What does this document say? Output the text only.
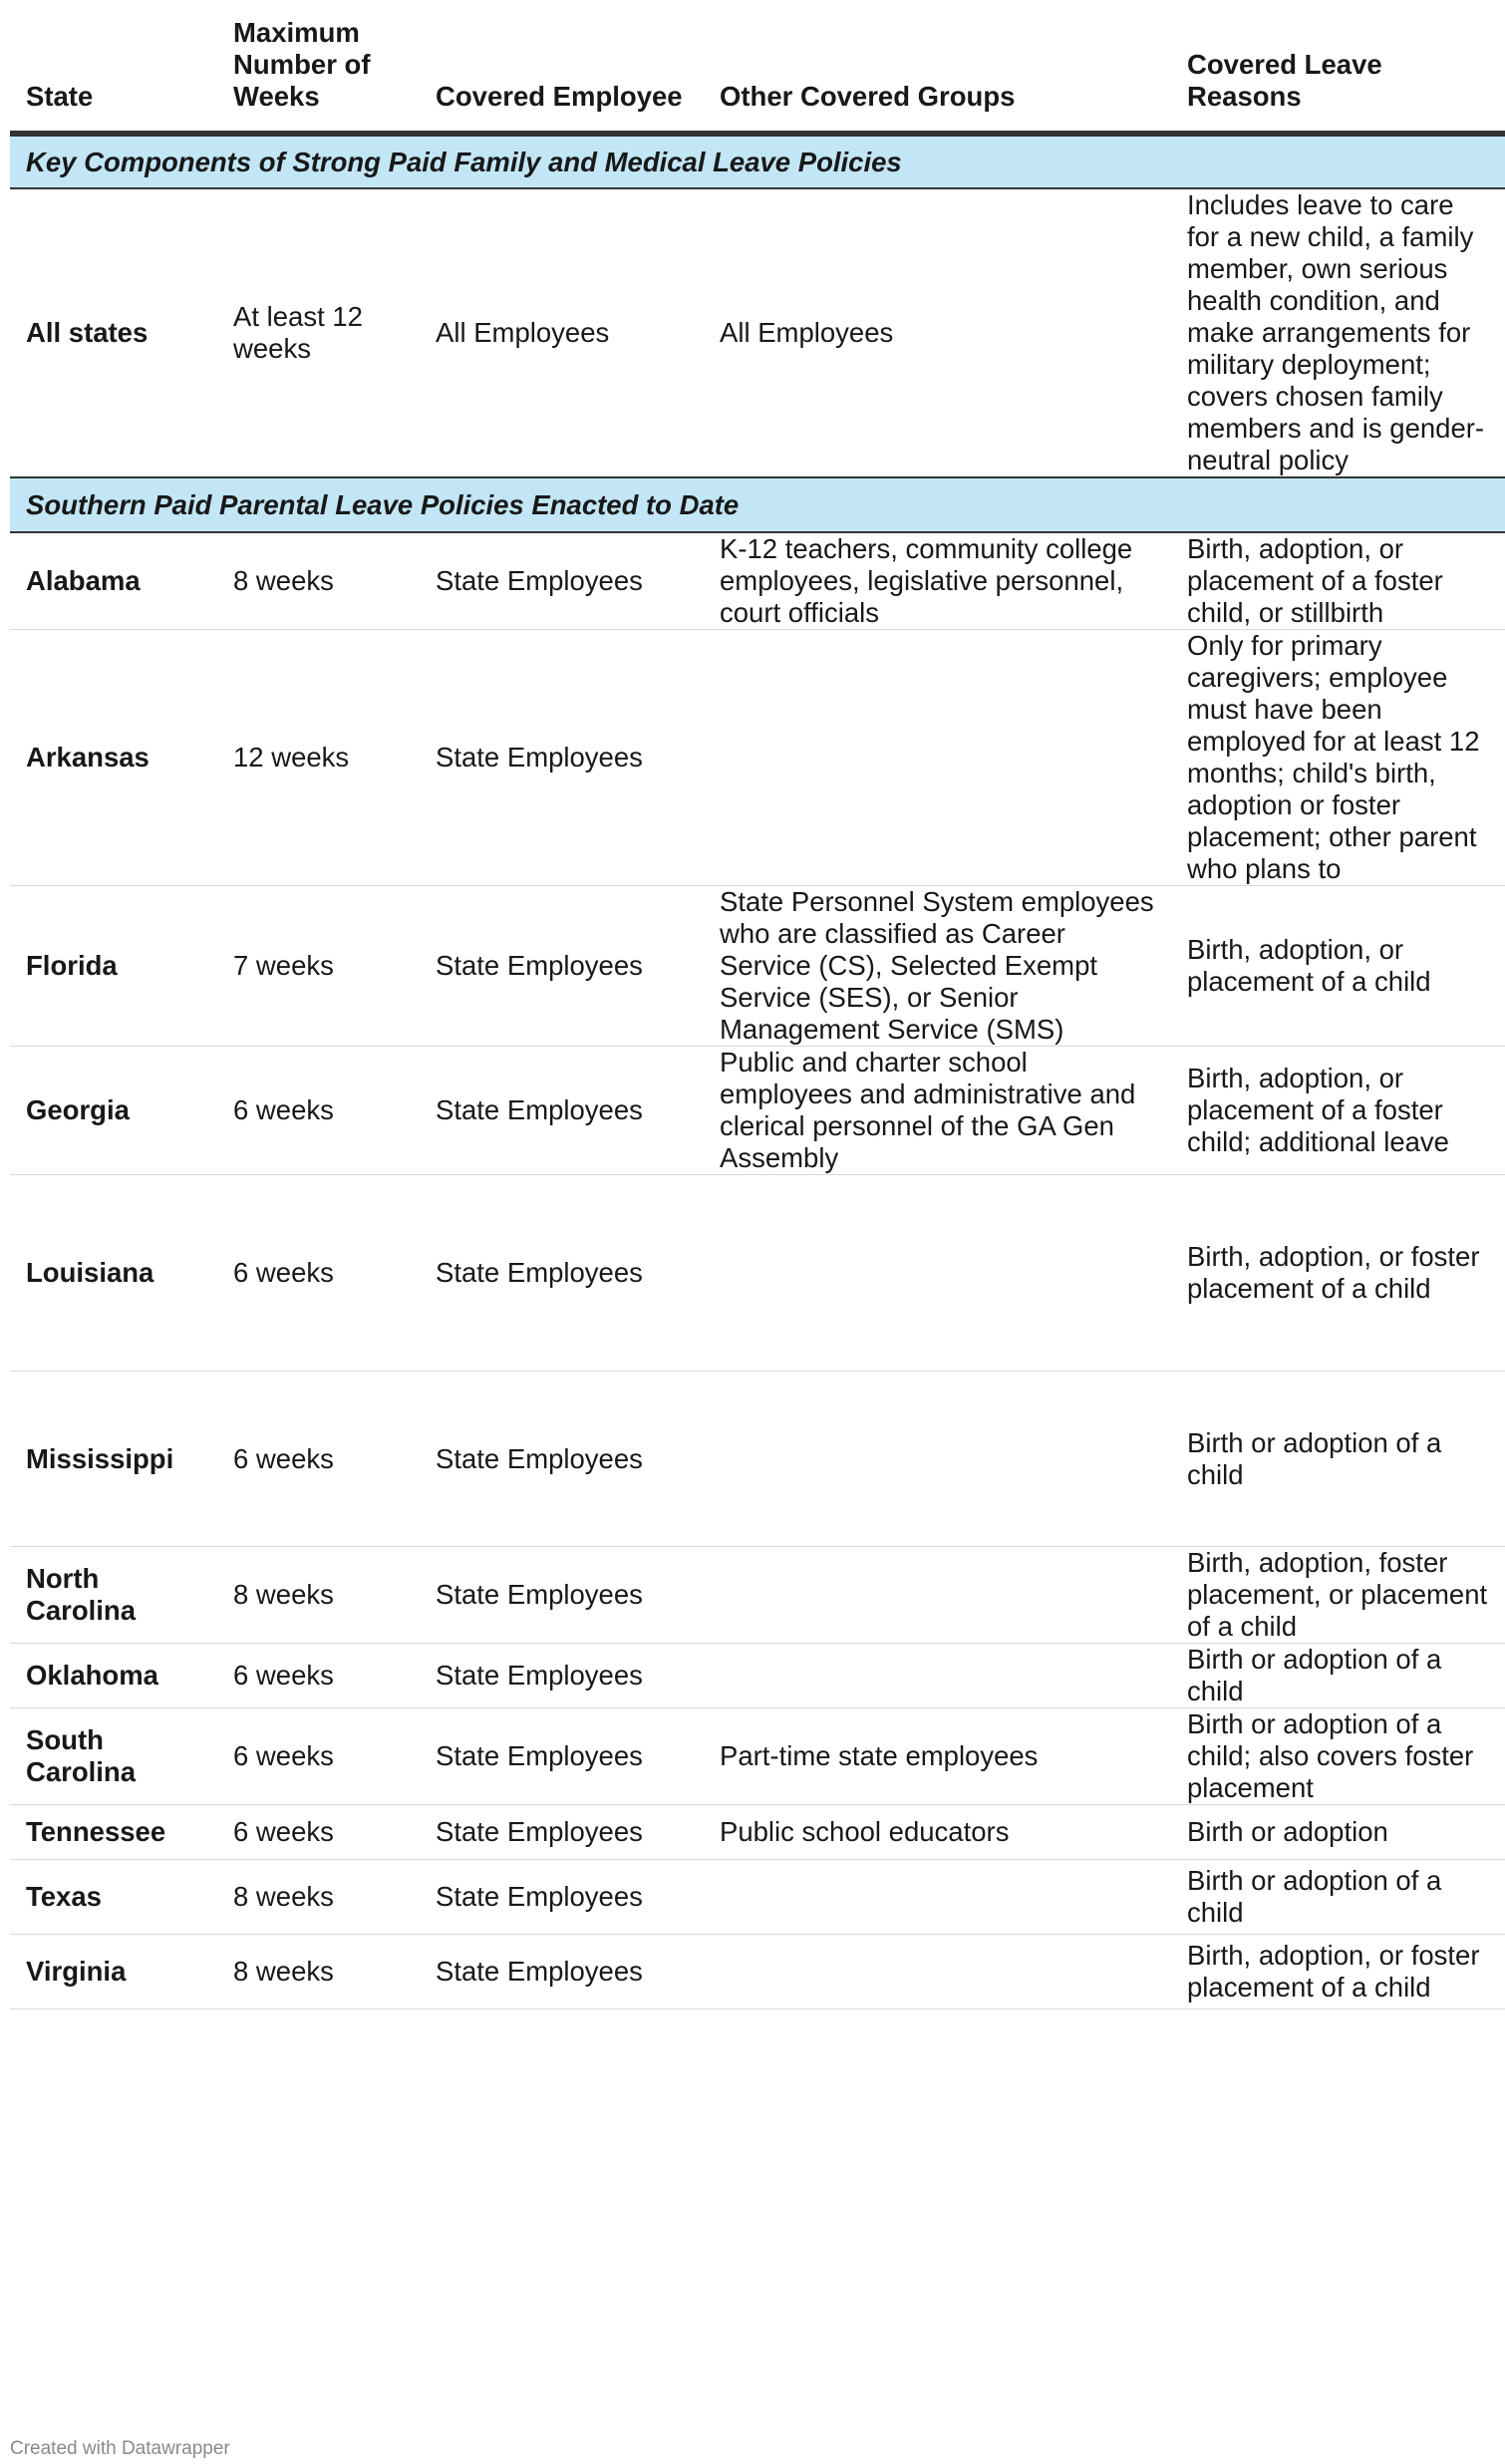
State	Maximum Number of Weeks	Covered Employee	Other Covered Groups	Covered Leave Reasons
Key Components of Strong Paid Family and Medical Leave Policies				
All states	At least 12 weeks	All Employees	All Employees	Includes leave to care for a new child, a family member, own serious health condition, and make arrangements for military deployment; covers chosen family members and is gender-neutral policy
Southern Paid Parental Leave Policies Enacted to Date				
Alabama	8 weeks	State Employees	K-12 teachers, community college employees, legislative personnel, court officials	Birth, adoption, or placement of a foster child, or stillbirth
Arkansas	12 weeks	State Employees		Only for primary caregivers; employee must have been employed for at least 12 months; child's birth, adoption or foster placement; other parent who plans to
Florida	7 weeks	State Employees	State Personnel System employees who are classified as Career Service (CS), Selected Exempt Service (SES), or Senior Management Service (SMS)	Birth, adoption, or placement of a child
Georgia	6 weeks	State Employees	Public and charter school employees and administrative and clerical personnel of the GA Gen Assembly	Birth, adoption, or placement of a foster child; additional leave
Louisiana	6 weeks	State Employees		Birth, adoption, or foster placement of a child
Mississippi	6 weeks	State Employees		Birth or adoption of a child
North Carolina	8 weeks	State Employees		Birth, adoption, foster placement, or placement of a child
Oklahoma	6 weeks	State Employees		Birth or adoption of a child
South Carolina	6 weeks	State Employees	Part-time state employees	Birth or adoption of a child; also covers foster placement
Tennessee	6 weeks	State Employees	Public school educators	Birth or adoption
Texas	8 weeks	State Employees		Birth or adoption of a child
Virginia	8 weeks	State Employees		Birth, adoption, or foster placement of a child
Created with Datawrapper
